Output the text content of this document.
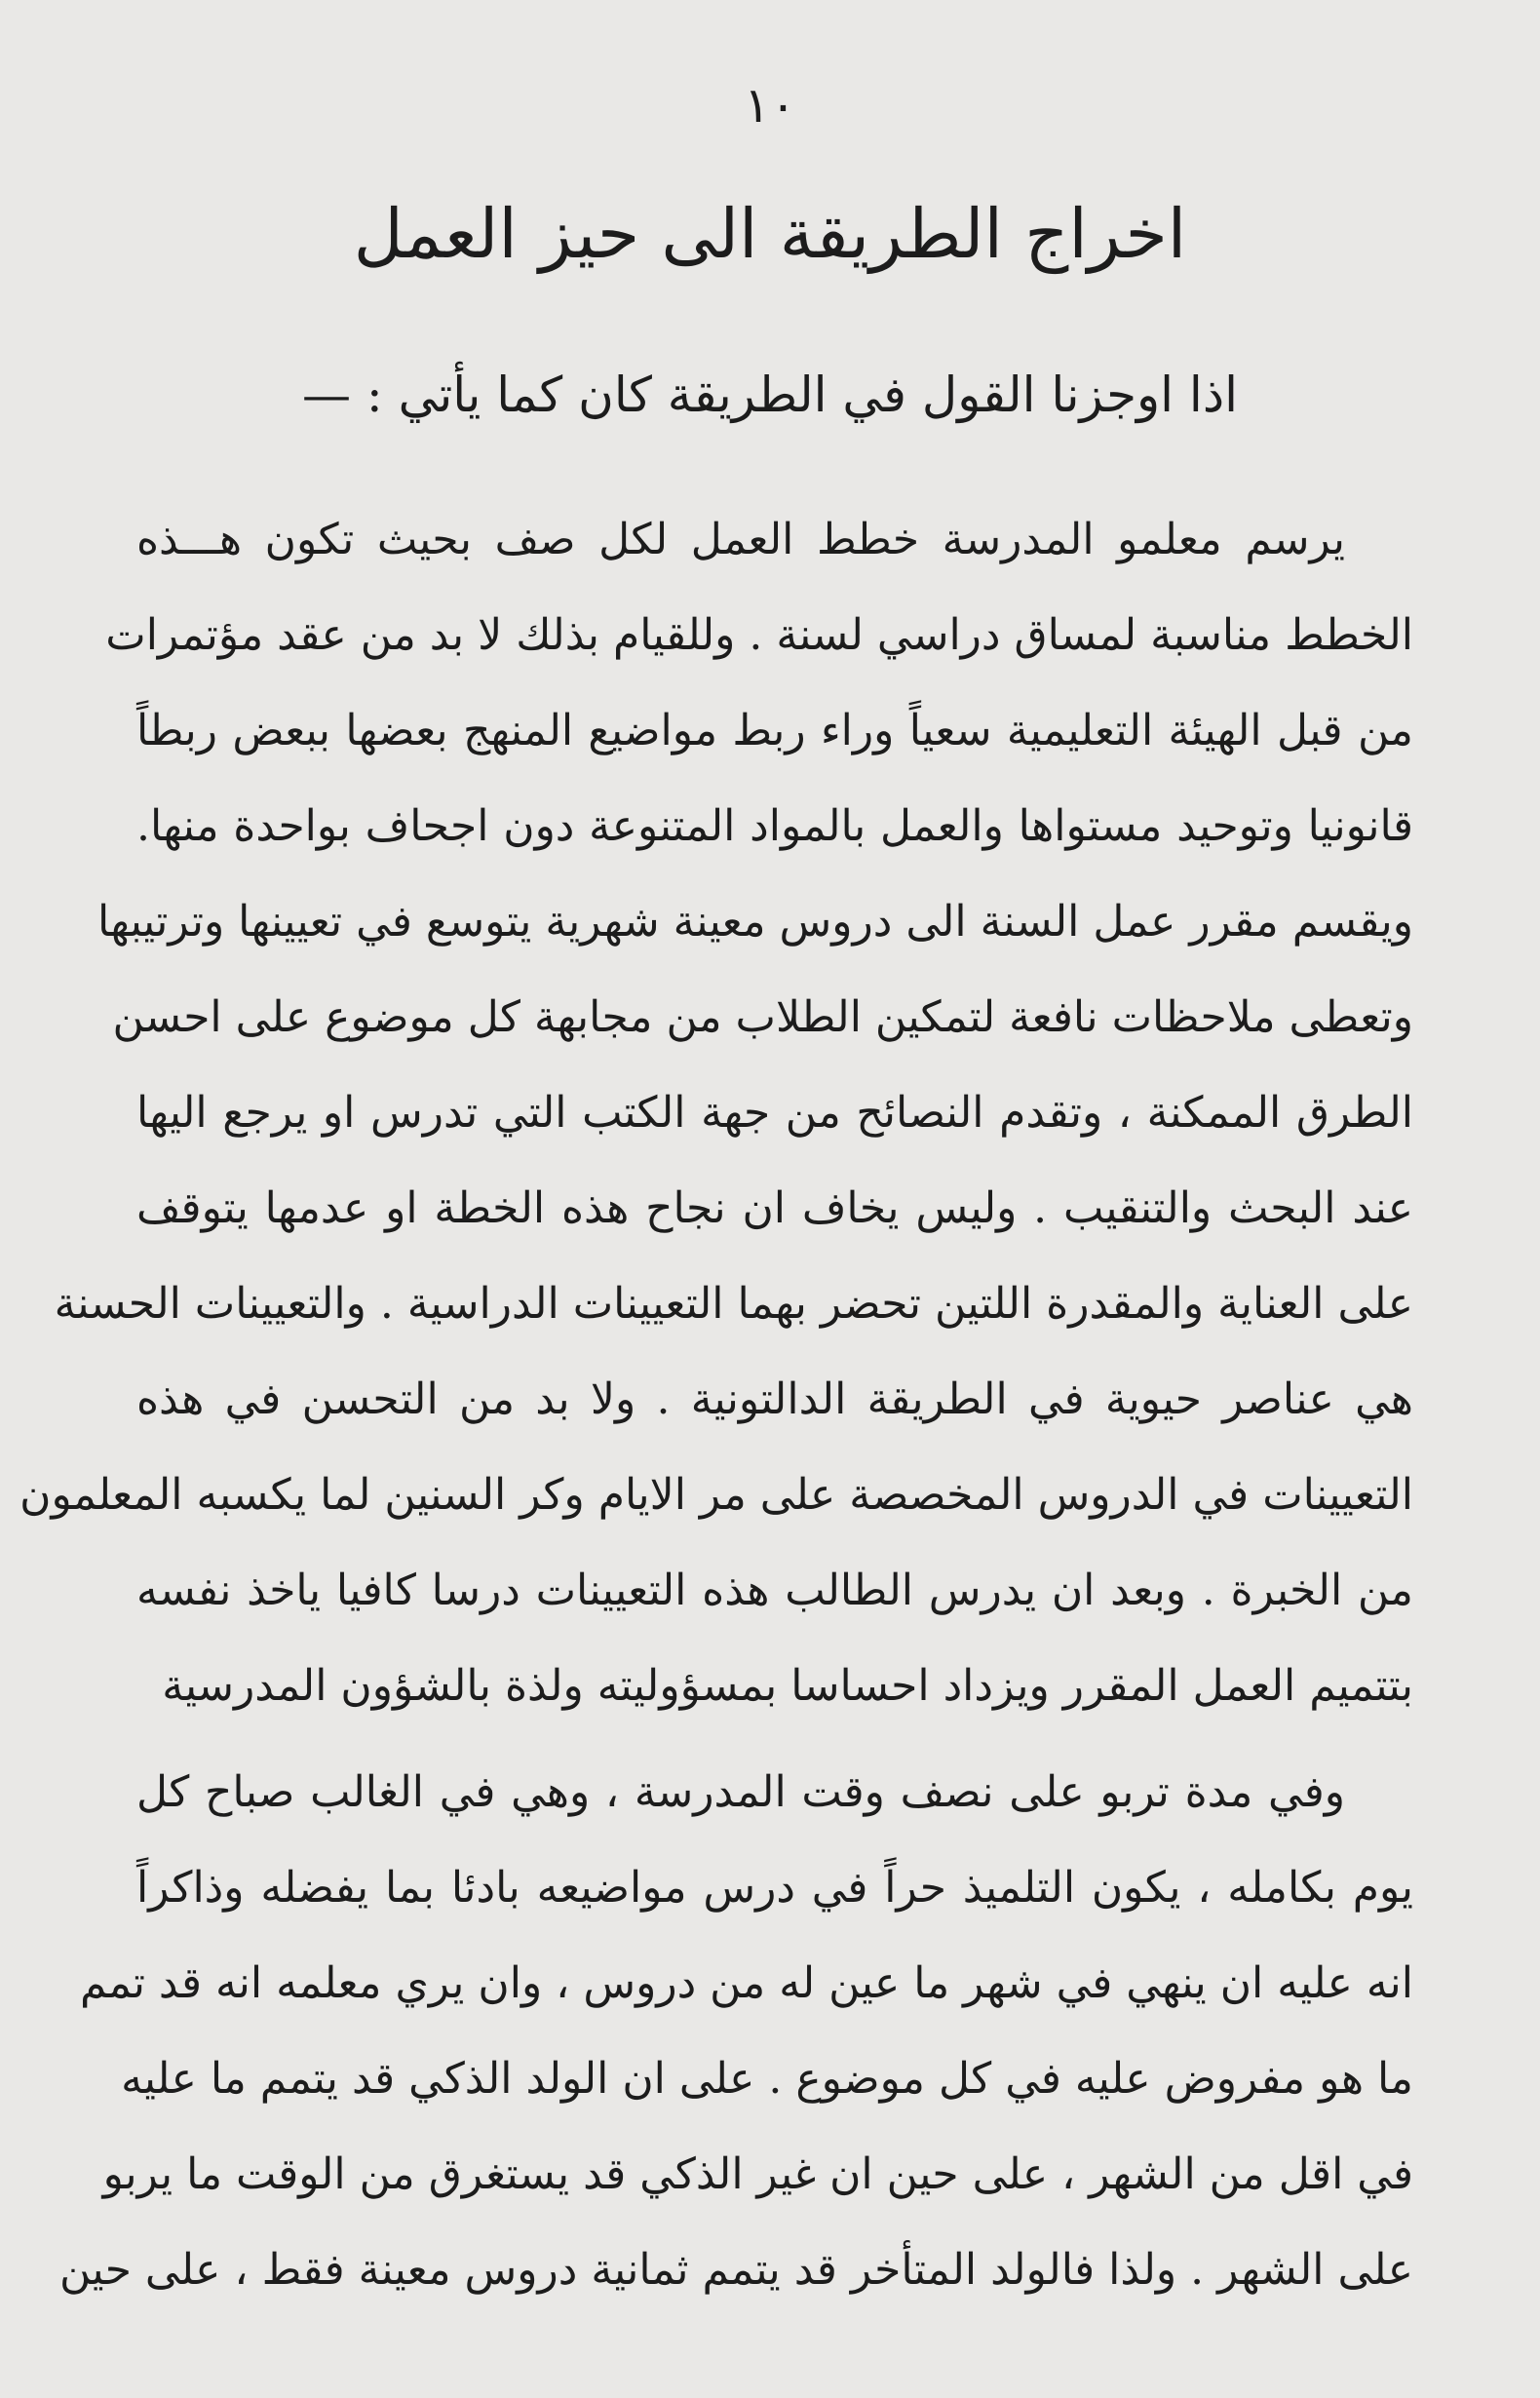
١٠
اخراج الطريقة الى حيز العمل
اذا اوجزنا القول في الطريقة كان كما يأتي : —
يرسم معلمو المدرسة خطط العمل لكل صف بحيث تكون هـــذه
الخطط مناسبة لمساق دراسي لسنة . وللقيام بذلك لا بد من عقد مؤتمرات
من قبل الهيئة التعليمية سعياً وراء ربط مواضيع المنهج بعضها ببعض ربطاً
قانونيا وتوحيد مستواها والعمل بالمواد المتنوعة دون اجحاف بواحدة منها.
ويقسم مقرر عمل السنة الى دروس معينة شهرية يتوسع في تعيينها وترتيبها
وتعطى ملاحظات نافعة لتمكين الطلاب من مجابهة كل موضوع على احسن
الطرق الممكنة ، وتقدم النصائح من جهة الكتب التي تدرس او يرجع اليها
عند البحث والتنقيب . وليس يخاف ان نجاح هذه الخطة او عدمها يتوقف
على العناية والمقدرة اللتين تحضر بهما التعيينات الدراسية . والتعيينات الحسنة
هي عناصر حيوية في الطريقة الدالتونية . ولا بد من التحسن في هذه
التعيينات في الدروس المخصصة على مر الايام وكر السنين لما يكسبه المعلمون
من الخبرة . وبعد ان يدرس الطالب هذه التعيينات درسا كافيا ياخذ نفسه
بتتميم العمل المقرر ويزداد احساسا بمسؤوليته ولذة بالشؤون المدرسية
وفي مدة تربو على نصف وقت المدرسة ، وهي في الغالب صباح كل
يوم بكامله ، يكون التلميذ حراً في درس مواضيعه بادئا بما يفضله وذاكراً
انه عليه ان ينهي في شهر ما عين له من دروس ، وان يري معلمه انه قد تمم
ما هو مفروض عليه في كل موضوع . على ان الولد الذكي قد يتمم ما عليه
في اقل من الشهر ، على حين ان غير الذكي قد يستغرق من الوقت ما يربو
على الشهر . ولذا فالولد المتأخر قد يتمم ثمانية دروس معينة فقط ، على حين
